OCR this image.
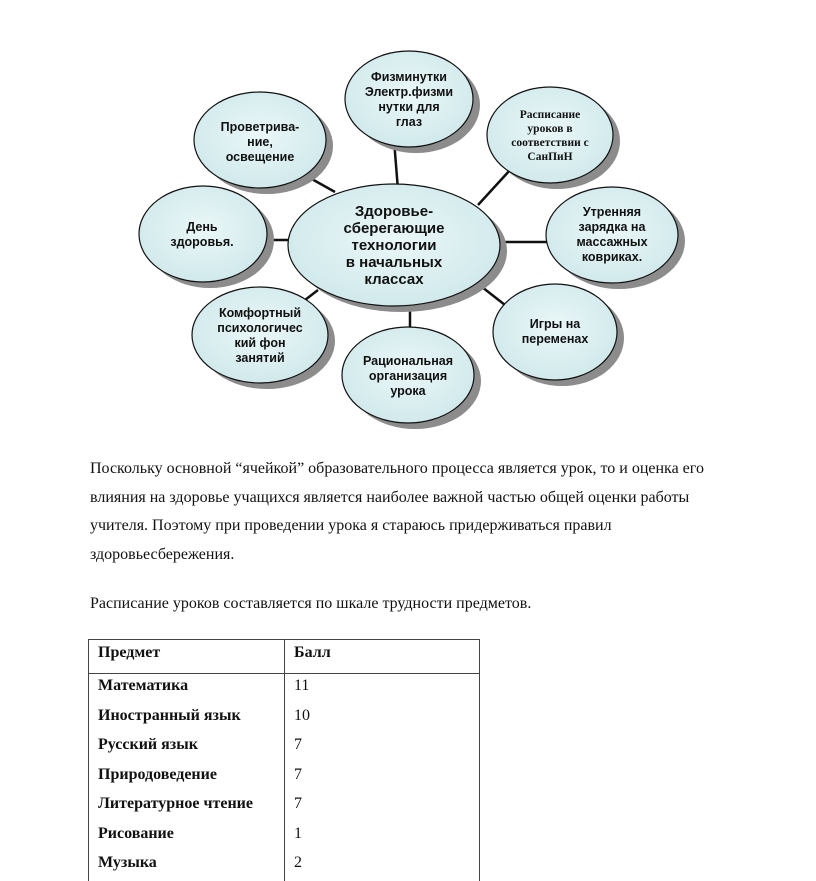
Здоровье-
сберегающие
технологии
в начальных
классах
Физминутки
Электр.физми
нутки для
глаз	Расписание
уроков в
соответствии с
СанПиН
Утренняя
зарядка на
массажных
ковриках.
Игры на
переменах
Рациональная
организация
урока
Комфортный
психологичес
кий фон
занятий
День
здоровья.
Проветрива-
ние,
освещение

Поскольку основной “ячейкой” образовательного процесса является урок, то и оценка его влияния на здоровье учащихся является наиболее важной частью общей оценки работы учителя. Поэтому при проведении урока я стараюсь придерживаться правил здоровьесбережения.

Расписание уроков составляется по шкале трудности предметов.

Предмет	Балл
Математика	11
Иностранный язык	10
Русский язык	7
Природоведение	7
Литературное чтение	7
Рисование	1
Музыка	2
